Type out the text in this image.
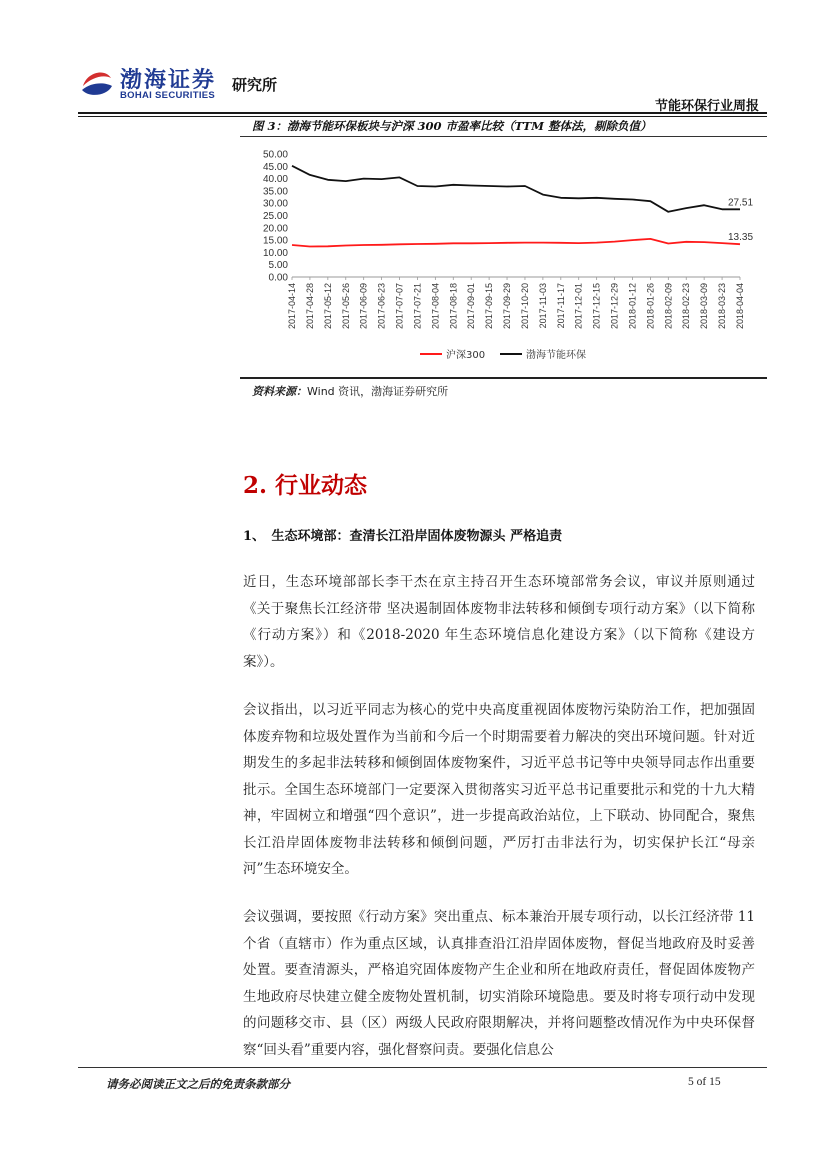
渤海证券
BOHAI SECURITIES
研究所
节能环保行业周报
图 3：渤海节能环保板块与沪深 300 市盈率比较（TTM 整体法，剔除负值）
0.00
5.00
10.00
15.00
20.00
25.00
30.00
35.00
40.00
45.00
50.00
2017-04-14 2017-04-28 2017-05-12 2017-05-26 2017-06-09 2017-06-23 2017-07-07 2017-07-21 2017-08-04 2017-08-18 2017-09-01 2017-09-15 2017-09-29 2017-10-20 2017-11-03 2017-11-17 2017-12-01 2017-12-15 2017-12-29 2018-01-12 2018-01-26 2018-02-09 2018-02-23 2018-03-09 2018-03-23 2018-04-04
13.35
27.51
沪深300	渤海节能环保
资料来源：Wind 资讯，渤海证券研究所
2. 行业动态
1、　生态环境部：查清长江沿岸固体废物源头 严格追责
近日，生态环境部部长李干杰在京主持召开生态环境部常务会议，审议并原则通过《关于聚焦长江经济带 坚决遏制固体废物非法转移和倾倒专项行动方案》（以下简称《行动方案》）和《2018-2020 年生态环境信息化建设方案》（以下简称《建设方案》）。
会议指出，以习近平同志为核心的党中央高度重视固体废物污染防治工作，把加强固体废弃物和垃圾处置作为当前和今后一个时期需要着力解决的突出环境问题。针对近期发生的多起非法转移和倾倒固体废物案件，习近平总书记等中央领导同志作出重要批示。全国生态环境部门一定要深入贯彻落实习近平总书记重要批示和党的十九大精神，牢固树立和增强“四个意识”，进一步提高政治站位，上下联动、协同配合，聚焦长江沿岸固体废物非法转移和倾倒问题，严厉打击非法行为，切实保护长江“母亲河”生态环境安全。
会议强调，要按照《行动方案》突出重点、标本兼治开展专项行动，以长江经济带 11 个省（直辖市）作为重点区域，认真排查沿江沿岸固体废物，督促当地政府及时妥善处置。要查清源头，严格追究固体废物产生企业和所在地政府责任，督促固体废物产生地政府尽快建立健全废物处置机制，切实消除环境隐患。要及时将专项行动中发现的问题移交市、县（区）两级人民政府限期解决，并将问题整改情况作为中央环保督察“回头看”重要内容，强化督察问责。要强化信息公
请务必阅读正文之后的免责条款部分	5 of 15
